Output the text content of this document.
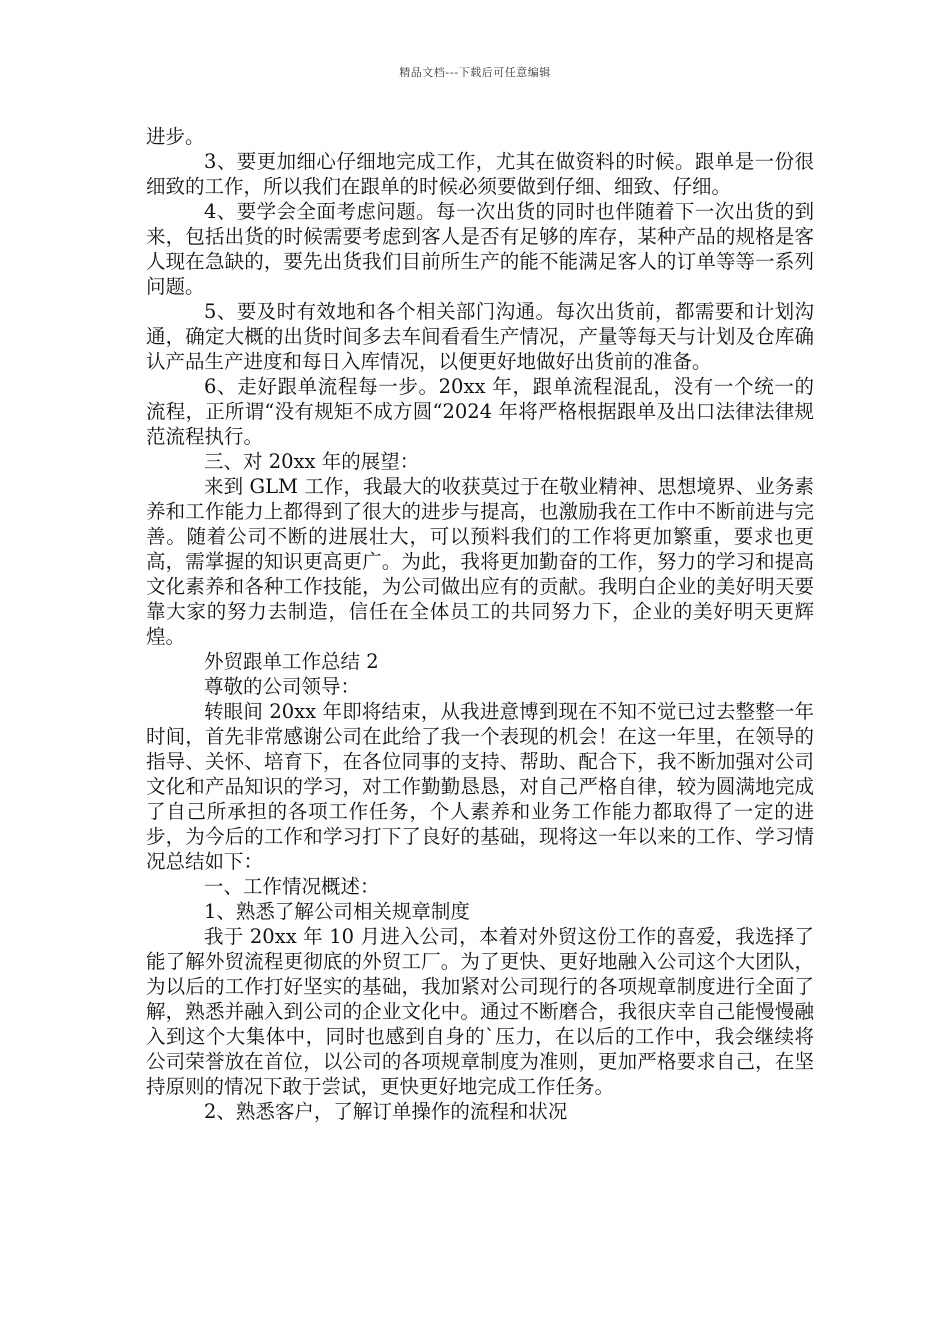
精品文档---下载后可任意编辑

进步。

3、要更加细心仔细地完成工作，尤其在做资料的时候。跟单是一份很细致的工作，所以我们在跟单的时候必须要做到仔细、细致、仔细。

4、要学会全面考虑问题。每一次出货的同时也伴随着下一次出货的到来，包括出货的时候需要考虑到客人是否有足够的库存，某种产品的规格是客人现在急缺的，要先出货我们目前所生产的能不能满足客人的订单等等一系列问题。

5、要及时有效地和各个相关部门沟通。每次出货前，都需要和计划沟通，确定大概的出货时间多去车间看看生产情况，产量等每天与计划及仓库确认产品生产进度和每日入库情况，以便更好地做好出货前的准备。

6、走好跟单流程每一步。20xx 年，跟单流程混乱，没有一个统一的流程，正所谓“没有规矩不成方圆“2024 年将严格根据跟单及出口法律法律规范流程执行。

三、对 20xx 年的展望：

来到 GLM 工作，我最大的收获莫过于在敬业精神、思想境界、业务素养和工作能力上都得到了很大的进步与提高，也激励我在工作中不断前进与完善。随着公司不断的进展壮大，可以预料我们的工作将更加繁重，要求也更高，需掌握的知识更高更广。为此，我将更加勤奋的工作，努力的学习和提高文化素养和各种工作技能，为公司做出应有的贡献。我明白企业的美好明天要靠大家的努力去制造，信任在全体员工的共同努力下，企业的美好明天更辉煌。

外贸跟单工作总结 2

尊敬的公司领导：

转眼间 20xx 年即将结束，从我进意博到现在不知不觉已过去整整一年时间，首先非常感谢公司在此给了我一个表现的机会！在这一年里，在领导的指导、关怀、培育下，在各位同事的支持、帮助、配合下，我不断加强对公司文化和产品知识的学习，对工作勤勤恳恳，对自己严格自律，较为圆满地完成了自己所承担的各项工作任务，个人素养和业务工作能力都取得了一定的进步，为今后的工作和学习打下了良好的基础，现将这一年以来的工作、学习情况总结如下：

一、工作情况概述：

1、熟悉了解公司相关规章制度

我于 20xx 年 10 月进入公司，本着对外贸这份工作的喜爱，我选择了能了解外贸流程更彻底的外贸工厂。为了更快、更好地融入公司这个大团队，为以后的工作打好坚实的基础，我加紧对公司现行的各项规章制度进行全面了解，熟悉并融入到公司的企业文化中。通过不断磨合，我很庆幸自己能慢慢融入到这个大集体中，同时也感到自身的`压力，在以后的工作中，我会继续将公司荣誉放在首位，以公司的各项规章制度为准则，更加严格要求自己，在坚持原则的情况下敢于尝试，更快更好地完成工作任务。

2、熟悉客户，了解订单操作的流程和状况
